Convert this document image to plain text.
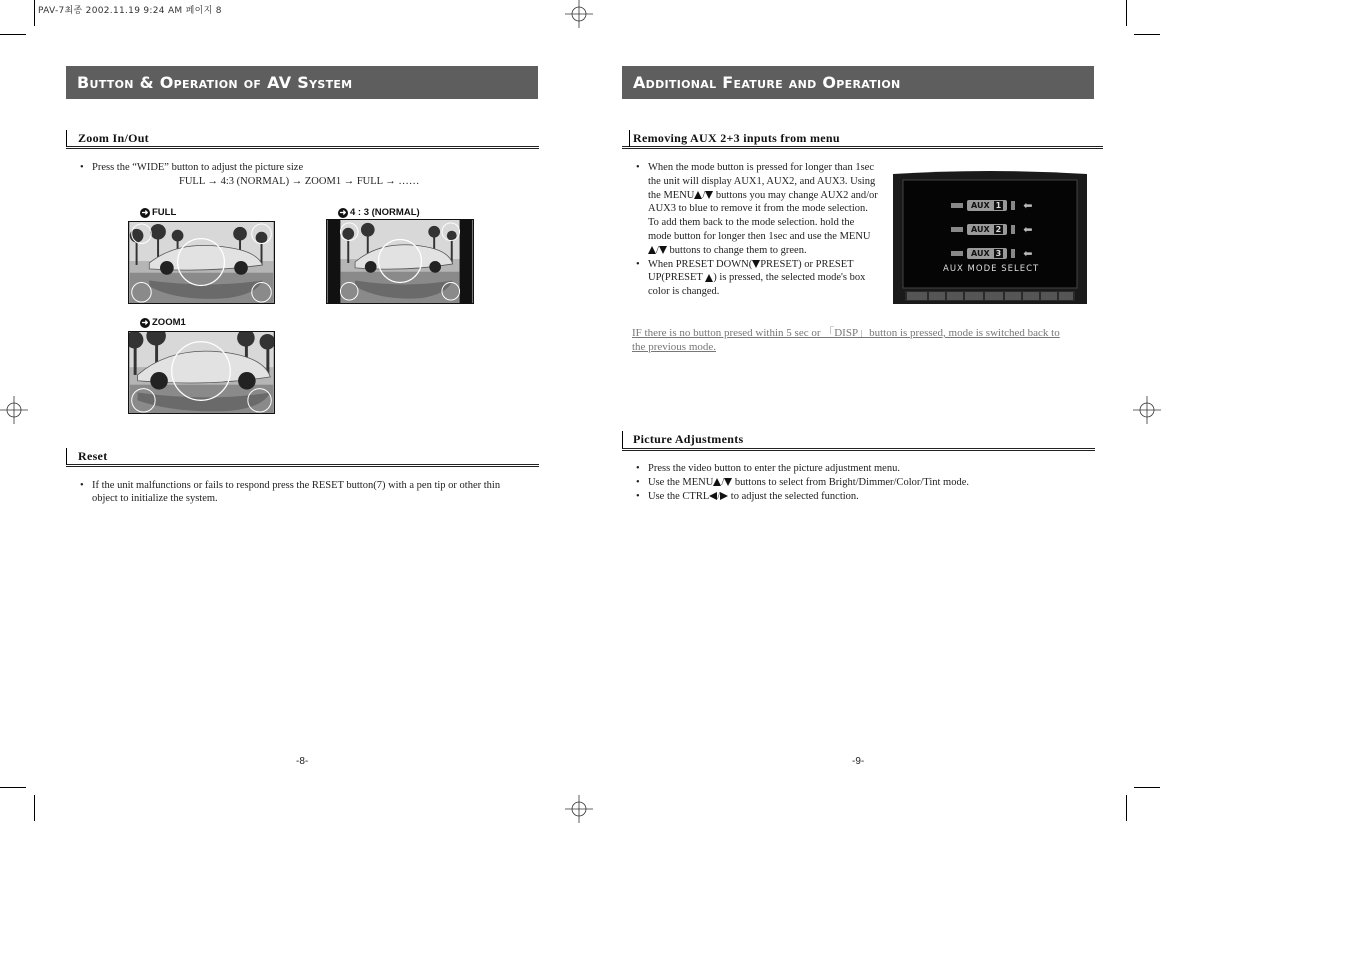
PAV-7최종 2002.11.19 9:24 AM 페이지 8
Button & Operation of AV System
Zoom In/Out
• Press the “WIDE” button to adjust the picture size
FULL → 4:3 (NORMAL) → ZOOM1 → FULL → ……
➜ FULL	➜ 4 : 3 (NORMAL)
➜ ZOOM1
Reset
• If the unit malfunctions or fails to respond press the RESET button(7) with a pen tip or other thin object to initialize the system.
-8-
Additional Feature and Operation
Removing AUX 2+3 inputs from menu
• When the mode button is pressed for longer than 1sec the unit will display AUX1, AUX2, and AUX3. Using the MENU / buttons you may change AUX2 and/or AUX3 to blue to remove it from the mode selection. To add them back to the mode selection. hold the mode button for longer then 1sec and use the MENU/ buttons to change them to green.
• When PRESET DOWN( PRESET) or PRESET UP(PRESET ) is pressed, the selected mode's box color is changed.
AUX 1 ⬅
AUX 2 ⬅
AUX 3 ⬅
AUX MODE SELECT
IF there is no button presed within 5 sec or 「DISP」button is pressed, mode is switched back to the previous mode.
Picture Adjustments
• Press the video button to enter the picture adjustment menu.
• Use the MENU / buttons to select from Bright/Dimmer/Color/Tint mode.
• Use the CTRL / to adjust the selected function.
-9-
